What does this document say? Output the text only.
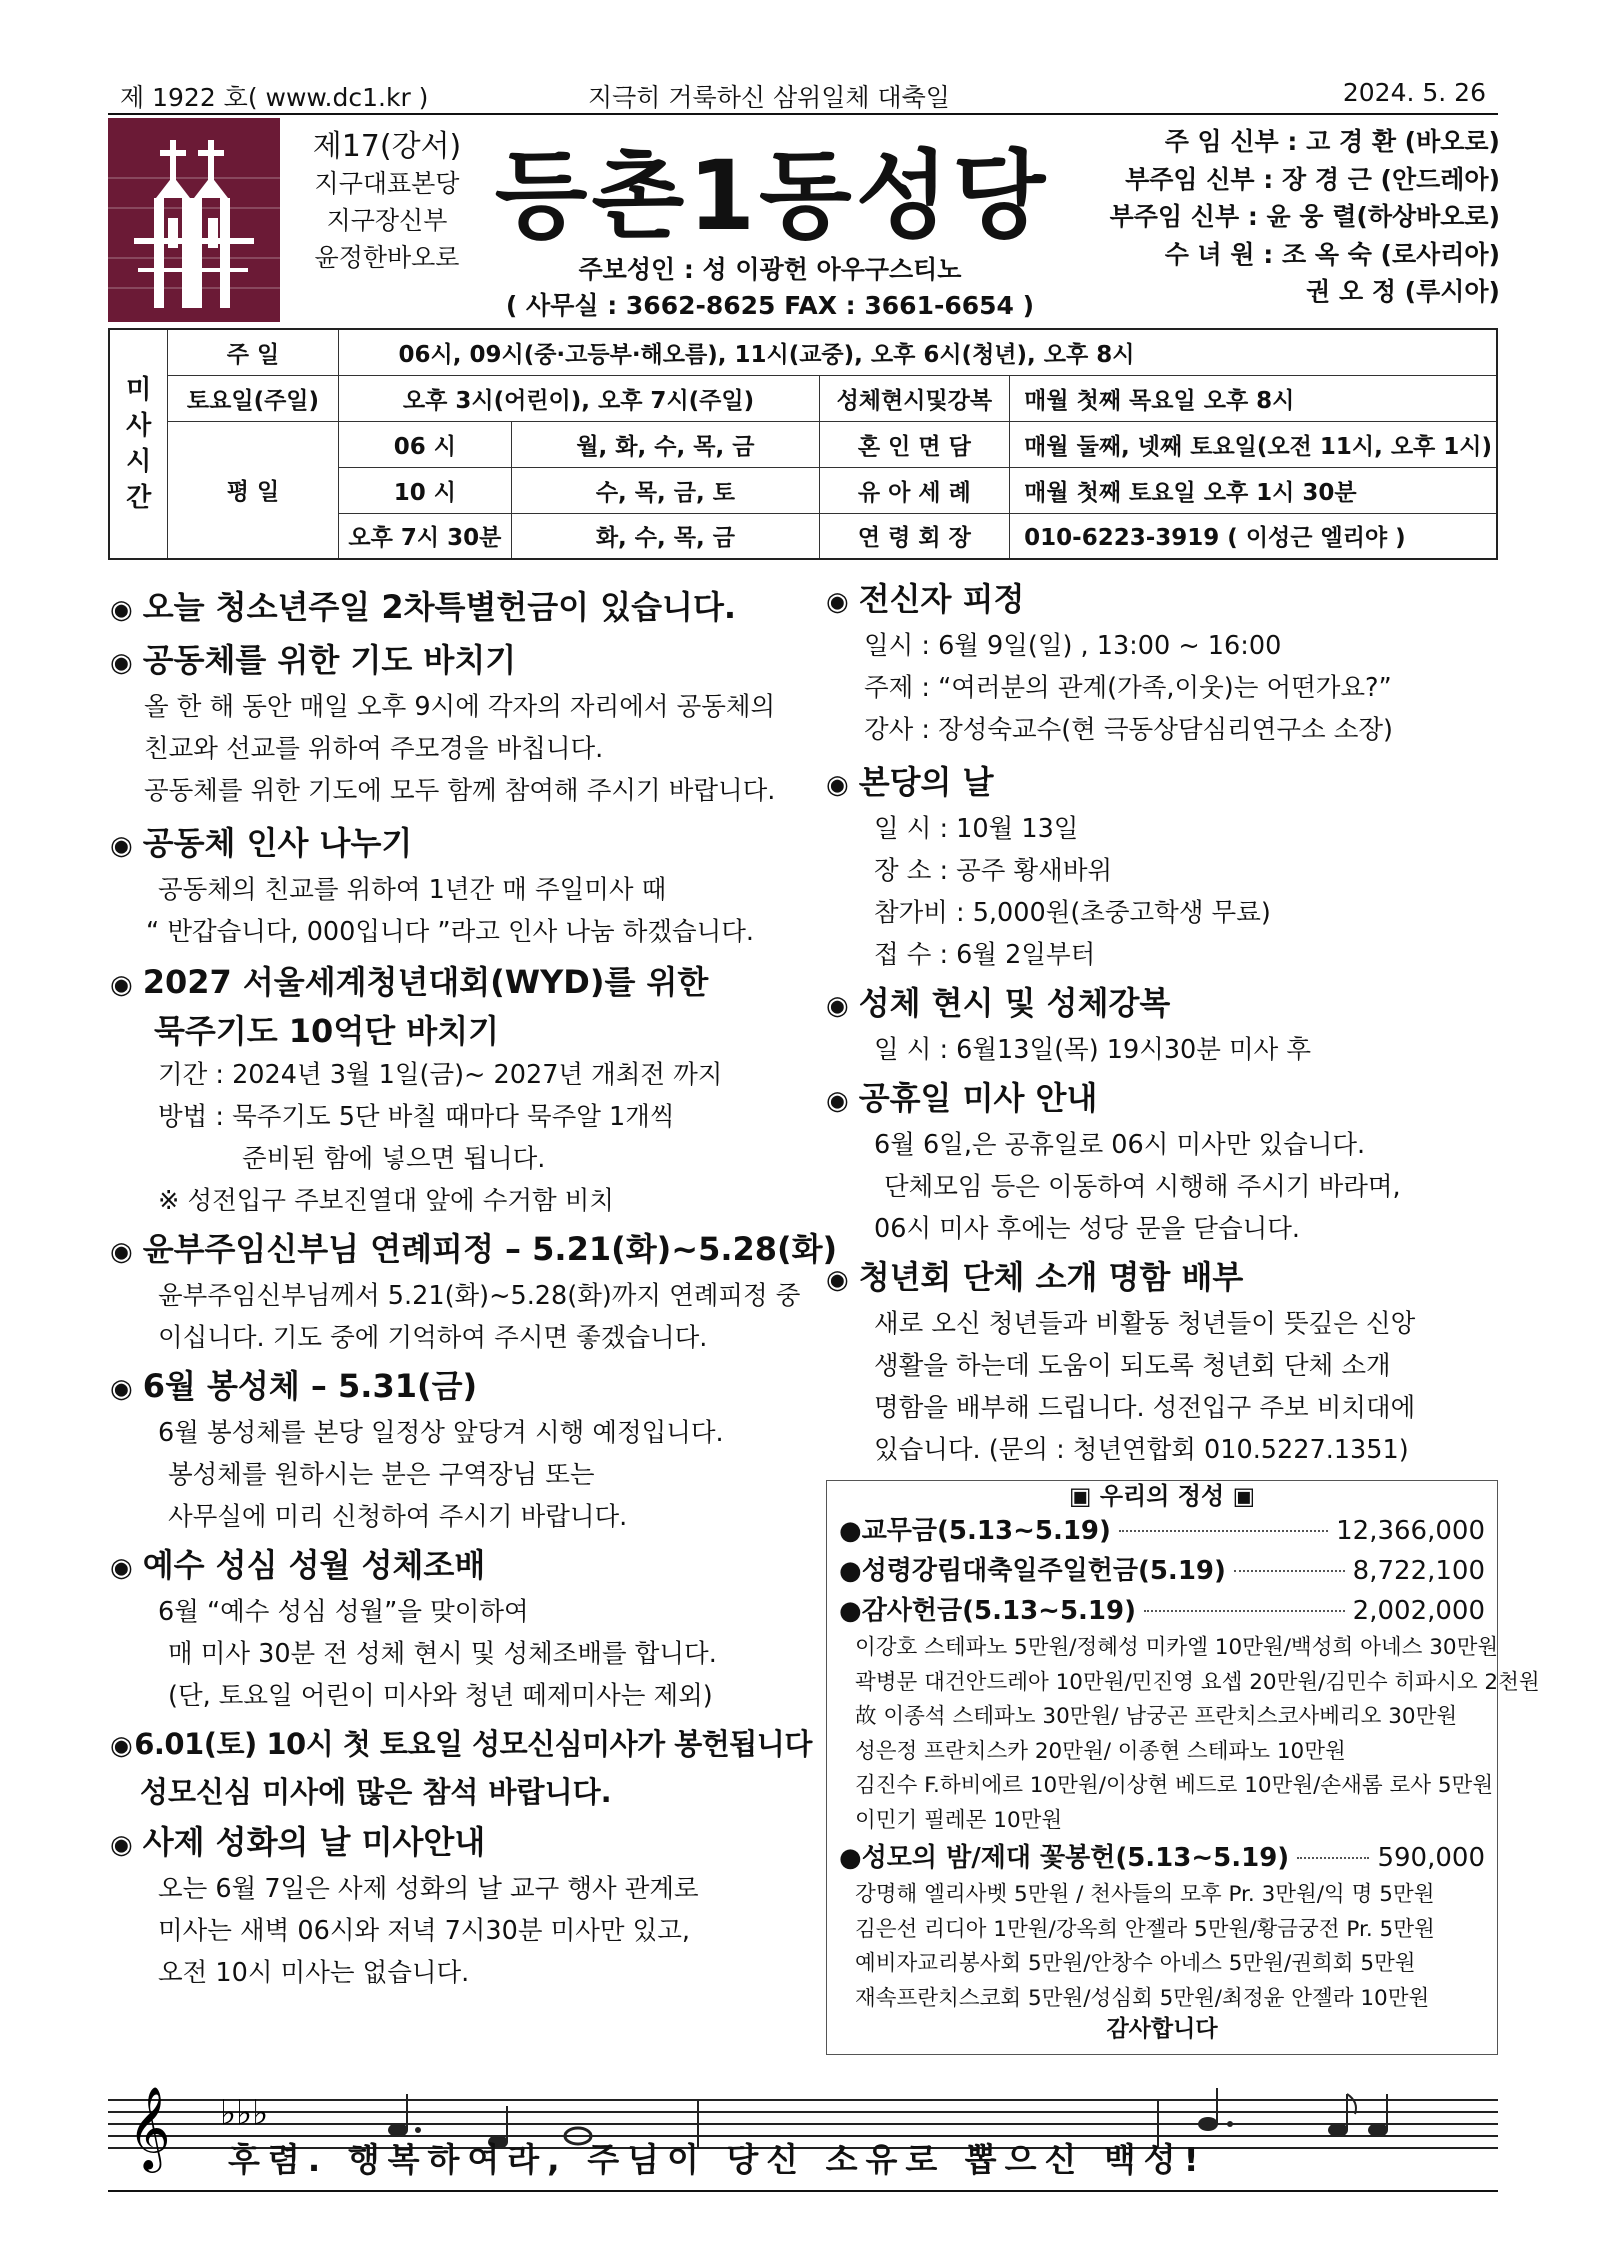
제 1922 호( www.dc1.kr )	지극히 거룩하신 삼위일체 대축일	2024. 5. 26
제17(강서)
지구대표본당
지구장신부
윤정한바오로
등촌1동성당
주보성인 : 성 이광헌 아우구스티노
( 사무실 : 3662-8625 FAX : 3661-6654 )
주 임 신부 :
고 경 환 (바오로)
부주임 신부 :
장 경 근 (안드레아)
부주임 신부 :
윤 웅 렬(하상바오로)
수 녀 원 :
조 옥 숙 (로사리아)

권 오 정 (루시아)
미
사
시
간	주 일	06시, 09시(중·고등부·해오름), 11시(교중), 오후 6시(청년), 오후 8시			
	토요일(주일)	오후 3시(어린이), 오후 7시(주일)		성체현시및강복	매월 첫째 목요일 오후 8시
	평 일	06 시	월, 화, 수, 목, 금	혼 인 면 담	매월 둘째, 넷째 토요일(오전 11시, 오후 1시)
		10 시	수, 목, 금, 토	유 아 세 례	매월 첫째 토요일 오후 1시 30분
		오후 7시 30분	화, 수, 목, 금	연 령 회 장	010-6223-3919 ( 이성근 엘리야 )
◉ 오늘 청소년주일 2차특별헌금이 있습니다.
◉ 공동체를 위한 기도 바치기
올 한 해 동안 매일 오후 9시에 각자의 자리에서 공동체의
친교와 선교를 위하여 주모경을 바칩니다.
공동체를 위한 기도에 모두 함께 참여해 주시기 바랍니다.
◉ 공동체 인사 나누기
공동체의 친교를 위하여 1년간 매 주일미사 때
“ 반갑습니다, 000입니다 ”라고 인사 나눔 하겠습니다.
◉ 2027 서울세계청년대회(WYD)를 위한
묵주기도 10억단 바치기
기간 : 2024년 3월 1일(금)~ 2027년 개최전 까지
방법 : 묵주기도 5단 바칠 때마다 묵주알 1개씩
준비된 함에 넣으면 됩니다.
※ 성전입구 주보진열대 앞에 수거함 비치
◉ 윤부주임신부님 연례피정 – 5.21(화)~5.28(화)
윤부주임신부님께서 5.21(화)~5.28(화)까지 연례피정 중
이십니다. 기도 중에 기억하여 주시면 좋겠습니다.
◉ 6월 봉성체 – 5.31(금)
6월 봉성체를 본당 일정상 앞당겨 시행 예정입니다.
봉성체를 원하시는 분은 구역장님 또는
사무실에 미리 신청하여 주시기 바랍니다.
◉ 예수 성심 성월 성체조배
6월 “예수 성심 성월”을 맞이하여
매 미사 30분 전 성체 현시 및 성체조배를 합니다.
(단, 토요일 어린이 미사와 청년 떼제미사는 제외)
◉6.01(토) 10시 첫 토요일 성모신심미사가 봉헌됩니다
성모신심 미사에 많은 참석 바랍니다.
◉ 사제 성화의 날 미사안내
오는 6월 7일은 사제 성화의 날 교구 행사 관계로
미사는 새벽 06시와 저녁 7시30분 미사만 있고,
오전 10시 미사는 없습니다.
◉ 전신자 피정
일시 : 6월 9일(일) , 13:00 ~ 16:00
주제 : “여러분의 관계(가족,이웃)는 어떤가요?”
강사 : 장성숙교수(현 극동상담심리연구소 소장)
◉ 본당의 날
일 시 : 10월 13일
장 소 : 공주 황새바위
참가비 : 5,000원(초중고학생 무료)
접 수 : 6월 2일부터
◉ 성체 현시 및 성체강복
일 시 : 6월13일(목) 19시30분 미사 후
◉ 공휴일 미사 안내
6월 6일,은 공휴일로 06시 미사만 있습니다.
단체모임 등은 이동하여 시행해 주시기 바라며,
06시 미사 후에는 성당 문을 닫습니다.
◉ 청년회 단체 소개 명함 배부
새로 오신 청년들과 비활동 청년들이 뜻깊은 신앙
생활을 하는데 도움이 되도록 청년회 단체 소개
명함을 배부해 드립니다. 성전입구 주보 비치대에
있습니다. (문의 : 청년연합회 010.5227.1351)
▣ 우리의 정성 ▣
● 교무금(5.13~5.19)	12,366,000
● 성령강림대축일주일헌금(5.19)	8,722,100
● 감사헌금(5.13~5.19)	2,002,000
이강호 스테파노 5만원/정혜성 미카엘 10만원/백성희 아네스 30만원
곽병문 대건안드레아 10만원/민진영 요셉 20만원/김민수 히파시오 2천원
故 이종석 스테파노 30만원/ 남궁곤 프란치스코사베리오 30만원
성은정 프란치스카 20만원/ 이종현 스테파노 10만원
김진수 F.하비에르 10만원/이상현 베드로 10만원/손새롬 로사 5만원
이민기 필레몬 10만원
● 성모의 밤/제대 꽃봉헌(5.13~5.19)	590,000
강명해 엘리사벳 5만원 / 천사들의 모후 Pr. 3만원/익 명 5만원
김은선 리디아 1만원/강옥희 안젤라 5만원/황금궁전 Pr. 5만원
예비자교리봉사회 5만원/안창수 아네스 5만원/권희회 5만원
재속프란치스코회 5만원/성심회 5만원/최정윤 안젤라 10만원
감사합니다
𝄞 ♭♭♭
후렴. 행복하여라, 주님이 당신 소유로 뽑으신 백성!
